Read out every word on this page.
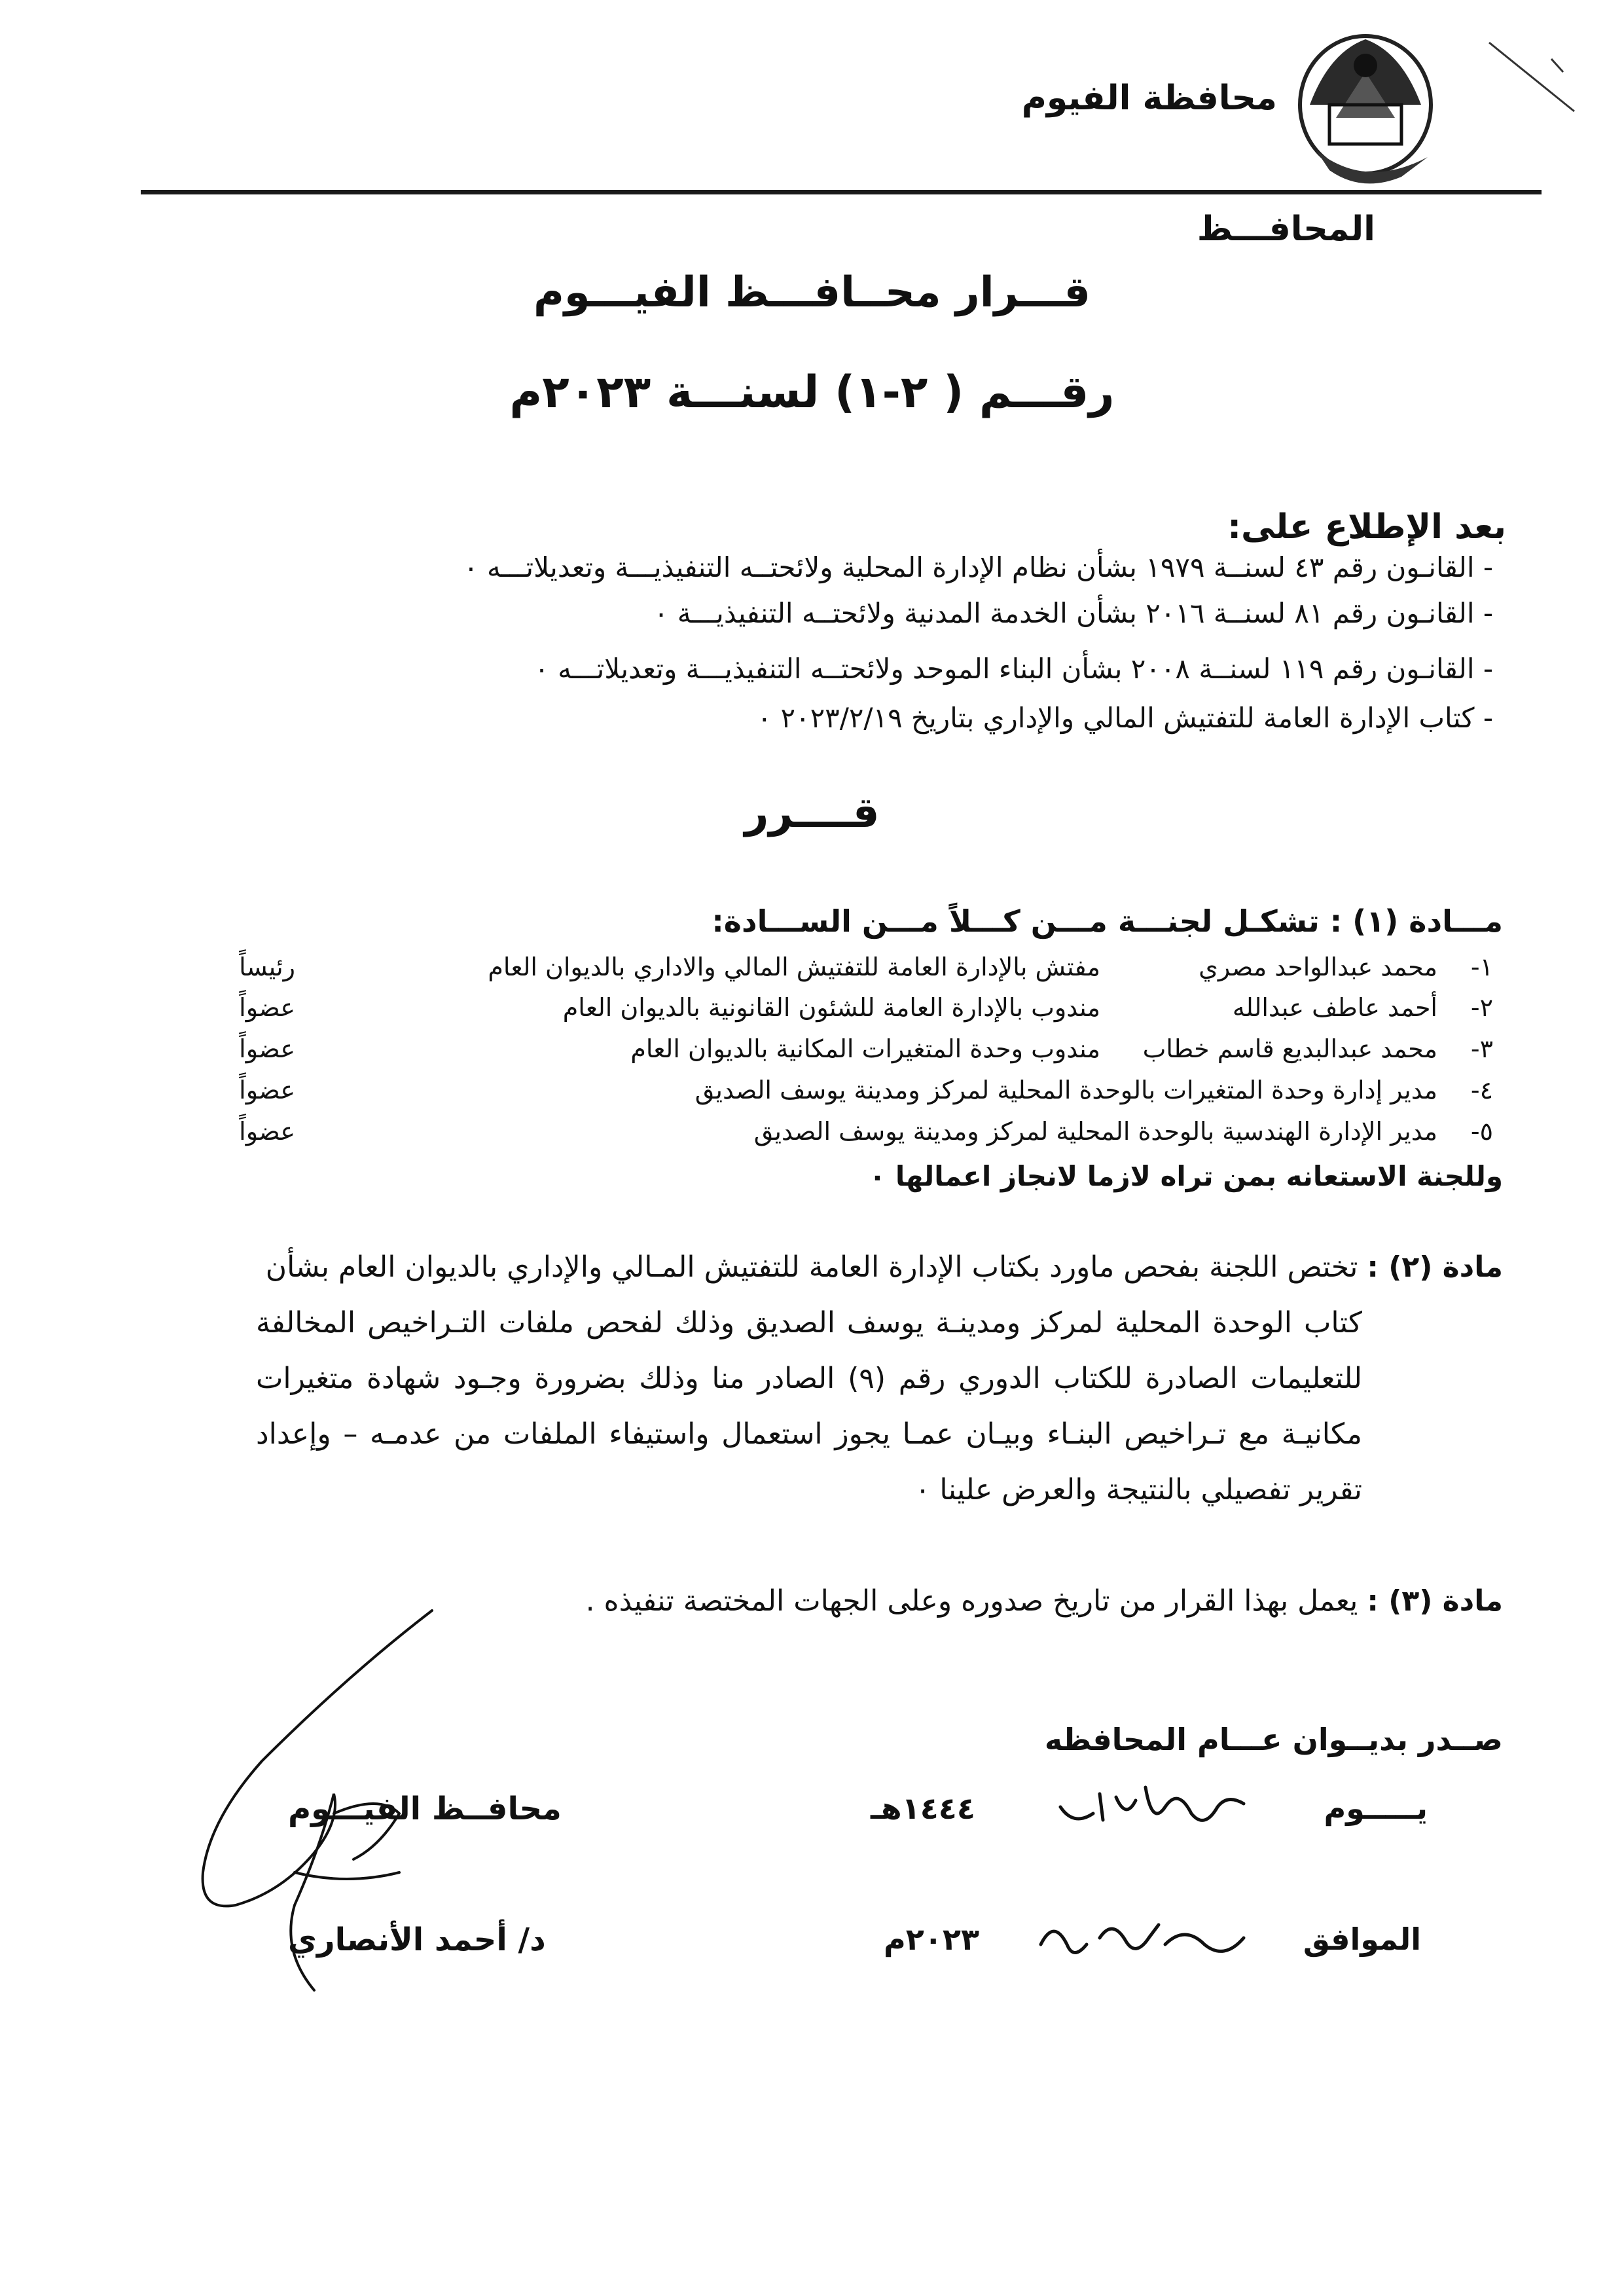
محافظة الفيوم
المحافـــظ
قـــرار محــافـــظ الفيـــوم
رقـــم ( ٢-١) لسنـــة ٢٠٢٣م
بعد الإطلاع على:
- القانـون رقم ٤٣ لسنــة ١٩٧٩ بشأن نظام الإدارة المحلية ولائحتــه التنفيذيـــة وتعديلاتـــه ٠
- القانـون رقم ٨١ لسنــة ٢٠١٦ بشأن الخدمة المدنية ولائحتــه التنفيذيـــة ٠
- القانـون رقم ١١٩ لسنــة ٢٠٠٨ بشأن البناء الموحد ولائحتــه التنفيذيـــة وتعديلاتـــه ٠
- كتاب الإدارة العامة للتفتيش المالي والإداري بتاريخ ٢٠٢٣/٢/١٩ ٠
قــــرر
مـــادة (١) : تشكـل لجنـــة مـــن كـــلاً مـــن الســـادة:
١-
محمد عبدالواحد مصري
مفتش بالإدارة العامة للتفتيش المالي والاداري بالديوان العام
رئيساً
٢-
أحمد عاطف عبدالله
مندوب بالإدارة العامة للشئون القانونية بالديوان العام
عضواً
٣-
محمد عبدالبديع قاسم خطاب
مندوب وحدة المتغيرات المكانية بالديوان العام
عضواً
٤-
مدير إدارة وحدة المتغيرات بالوحدة المحلية لمركز ومدينة يوسف الصديق
عضواً
٥-
مدير الإدارة الهندسية بالوحدة المحلية لمركز ومدينة يوسف الصديق
عضواً
وللجنة الاستعانه بمن تراه لازما لانجاز اعمالها ٠
مادة (٢) : تختص اللجنة بفحص ماورد بكتاب الإدارة العامة للتفتيش المـالي والإداري بالديوان العام بشأن
كتاب الوحدة المحلية لمركز ومدينـة يوسف الصديق وذلك لفحص ملفات التـراخيص المخالفة
للتعليمات الصادرة للكتاب الدوري رقم (٩) الصادر منا وذلك بضرورة وجـود شهادة متغيرات
مكانيـة مع تـراخيص البنـاء وبيـان عمـا يجوز استعمال واستيفاء الملفات من عدمـه – وإعداد
تقرير تفصيلي بالنتيجة والعرض علينا ٠
مادة (٣) : يعمل بهذا القرار من تاريخ صدوره وعلى الجهات المختصة تنفيذه .
صــدر بديــوان عـــام المحافظه
يـــــوم
١٤٤٤هـ
الموافق
٢٠٢٣م
محافــظ الفيـــوم
د/ أحمد الأنصاري
